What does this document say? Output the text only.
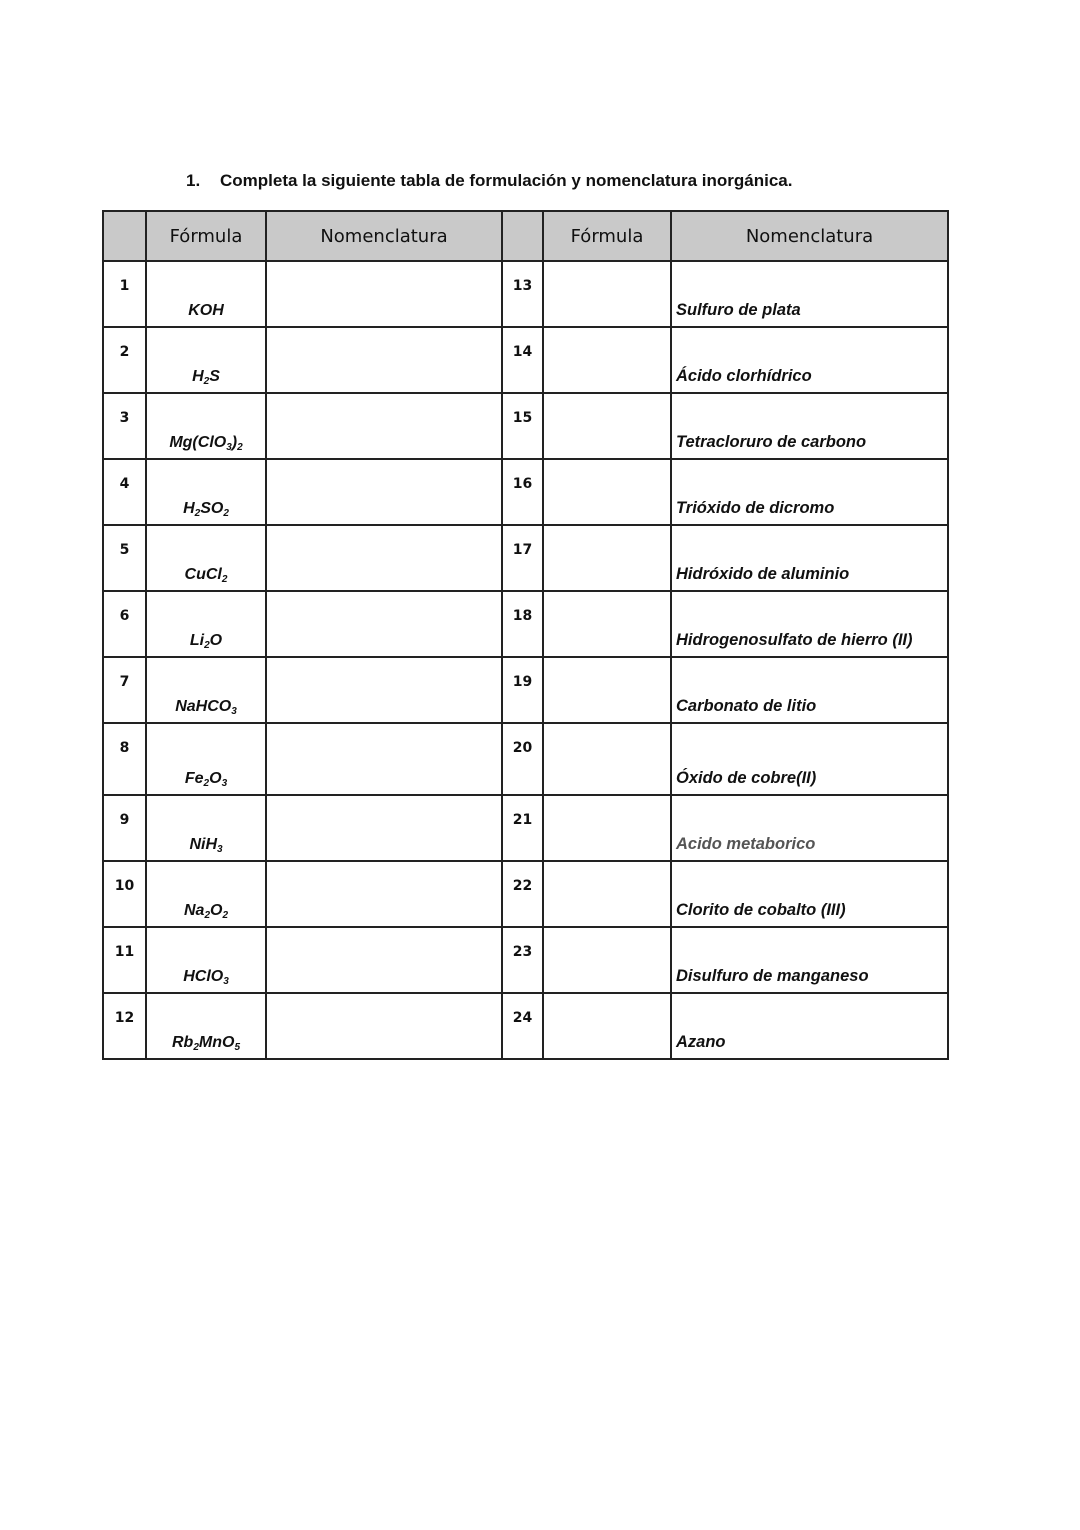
1. Completa la siguiente tabla de formulación y nomenclatura inorgánica.
	Fórmula	Nomenclatura		Fórmula	Nomenclatura
1	KOH		13		Sulfuro de plata
2	$H_2S$		14		Ácido clorhídrico
3	$Mg(ClO_3)_2$		15		Tetracloruro de carbono
4	$H_2SO_2$		16		Trióxido de dicromo
5	CuCl$_2$		17		Hidróxido de aluminio
6	$Li_2O$		18		Hidrogenosulfato de hierro (II)
7	NaHCO$_3$		19		Carbonato de litio
8	$Fe_2O_3$		20		Óxido de cobre(II)
9	NiH$_3$		21		Acido metaborico
10	$Na_2O_2$		22		Clorito de cobalto (III)
11	HClO$_3$		23		Disulfuro de manganeso
12	$Rb_2MnO_5$		24		Azano
